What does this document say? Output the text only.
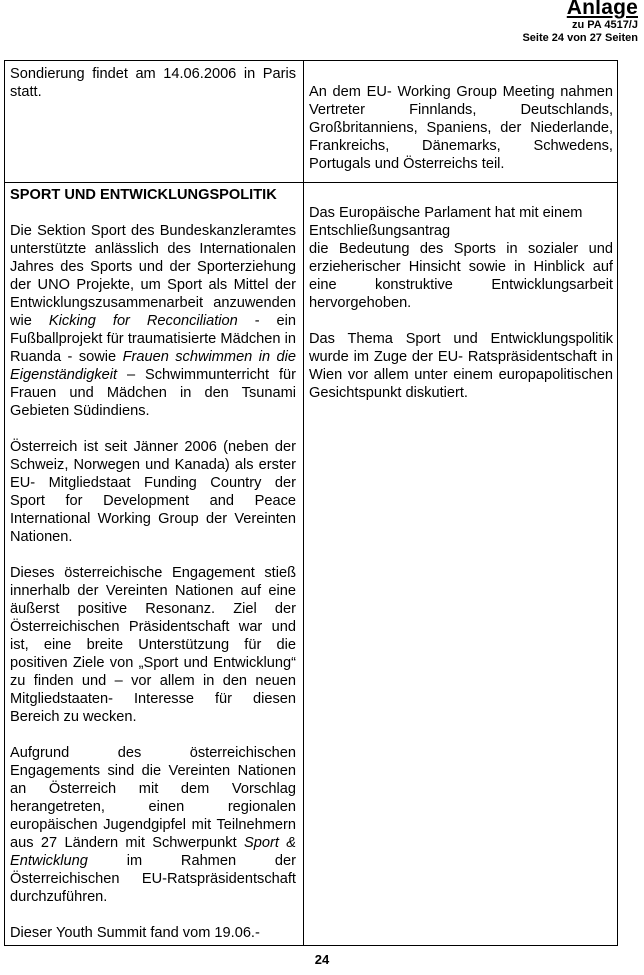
Anlage
zu PA 4517/J
Seite 24 von 27 Seiten

Sondierung findet am 14.06.2006 in Paris statt.	An dem EU- Working Group Meeting nahmen Vertreter Finnlands, Deutschlands, Großbritanniens, Spaniens, der Niederlande, Frankreichs, Dänemarks, Schwedens, Portugals und Österreichs teil.

SPORT UND ENTWICKLUNGSPOLITIK

Die Sektion Sport des Bundeskanzleramtes unterstützte anlässlich des Internationalen Jahres des Sports und der Sporterziehung der UNO Projekte, um Sport als Mittel der Entwicklungszusammenarbeit anzuwenden wie Kicking for Reconciliation - ein Fußballprojekt für traumatisierte Mädchen in Ruanda - sowie Frauen schwimmen in die Eigenständigkeit – Schwimmunterricht für Frauen und Mädchen in den Tsunami Gebieten Südindiens.

Österreich ist seit Jänner 2006 (neben der Schweiz, Norwegen und Kanada) als erster EU- Mitgliedstaat Funding Country der Sport for Development and Peace International Working Group der Vereinten Nationen.

Dieses österreichische Engagement stieß innerhalb der Vereinten Nationen auf eine äußerst positive Resonanz. Ziel der Österreichischen Präsidentschaft war und ist, eine breite Unterstützung für die positiven Ziele von „Sport und Entwicklung“ zu finden und – vor allem in den neuen Mitgliedstaaten- Interesse für diesen Bereich zu wecken.

Aufgrund des österreichischen Engagements sind die Vereinten Nationen an Österreich mit dem Vorschlag herangetreten, einen regionalen europäischen Jugendgipfel mit Teilnehmern aus 27 Ländern mit Schwerpunkt Sport & Entwicklung im Rahmen der Österreichischen EU-Ratspräsidentschaft durchzuführen.

Dieser Youth Summit fand vom 19.06.-

Das Europäische Parlament hat mit einem Entschließungsantrag

die Bedeutung des Sports in sozialer und erzieherischer Hinsicht sowie in Hinblick auf eine konstruktive Entwicklungsarbeit hervorgehoben.

Das Thema Sport und Entwicklungspolitik wurde im Zuge der EU- Ratspräsidentschaft in Wien vor allem unter einem europapolitischen Gesichtspunkt diskutiert.

24
